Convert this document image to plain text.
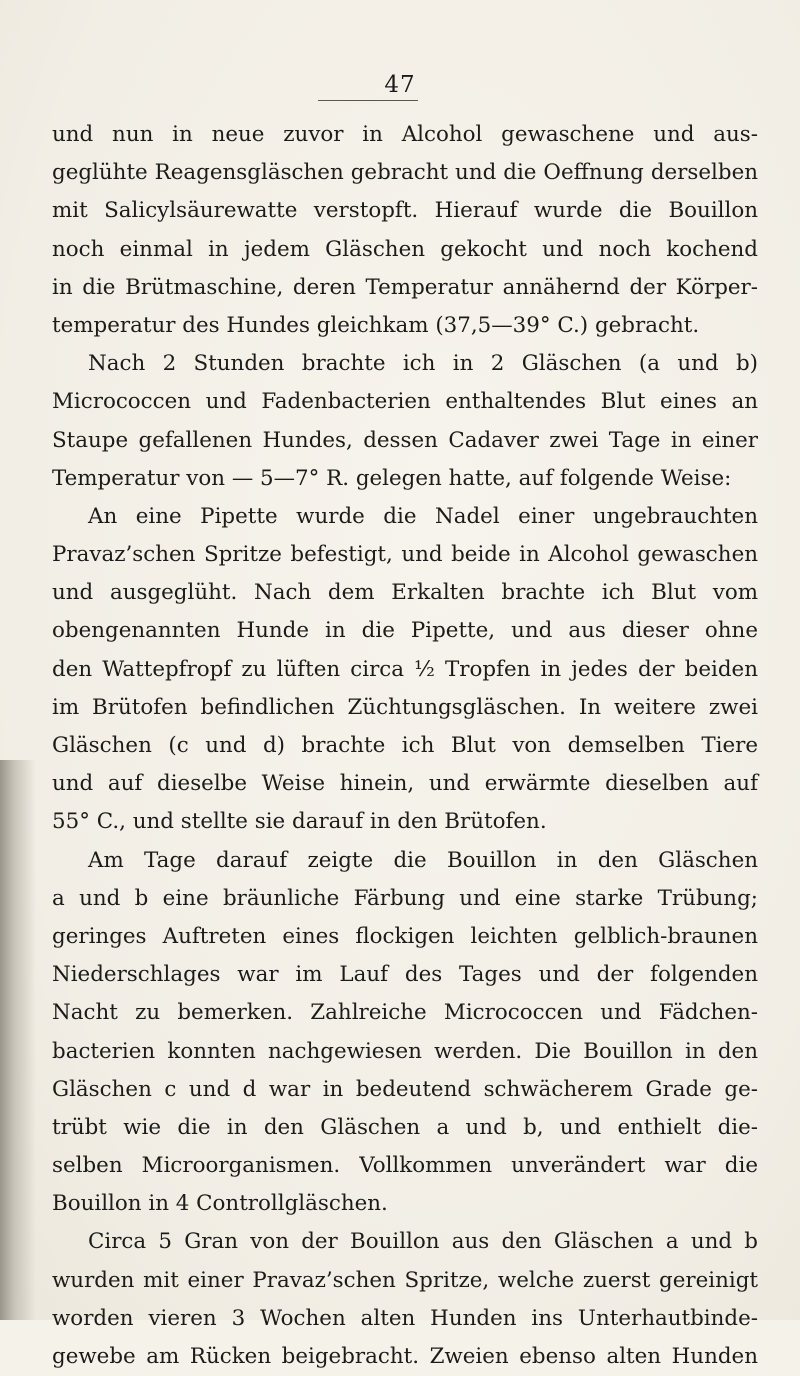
47
und nun in neue zuvor in Alcohol gewaschene und aus-
geglühte Reagensgläschen gebracht und die Oeffnung derselben
mit Salicylsäurewatte verstopft. Hierauf wurde die Bouillon
noch einmal in jedem Gläschen gekocht und noch kochend
in die Brütmaschine, deren Temperatur annähernd der Körper-
temperatur des Hundes gleichkam (37,5—39° C.) gebracht.
Nach 2 Stunden brachte ich in 2 Gläschen (a und b)
Micrococcen und Fadenbacterien enthaltendes Blut eines an
Staupe gefallenen Hundes, dessen Cadaver zwei Tage in einer
Temperatur von — 5—7° R. gelegen hatte, auf folgende Weise:
An eine Pipette wurde die Nadel einer ungebrauchten
Pravaz’schen Spritze befestigt, und beide in Alcohol gewaschen
und ausgeglüht. Nach dem Erkalten brachte ich Blut vom
obengenannten Hunde in die Pipette, und aus dieser ohne
den Wattepfropf zu lüften circa ½ Tropfen in jedes der beiden
im Brütofen befindlichen Züchtungsgläschen. In weitere zwei
Gläschen (c und d) brachte ich Blut von demselben Tiere
und auf dieselbe Weise hinein, und erwärmte dieselben auf
55° C., und stellte sie darauf in den Brütofen.
Am Tage darauf zeigte die Bouillon in den Gläschen
a und b eine bräunliche Färbung und eine starke Trübung;
geringes Auftreten eines flockigen leichten gelblich-braunen
Niederschlages war im Lauf des Tages und der folgenden
Nacht zu bemerken. Zahlreiche Micrococcen und Fädchen-
bacterien konnten nachgewiesen werden. Die Bouillon in den
Gläschen c und d war in bedeutend schwächerem Grade ge-
trübt wie die in den Gläschen a und b, und enthielt die-
selben Microorganismen. Vollkommen unverändert war die
Bouillon in 4 Controllgläschen.
Circa 5 Gran von der Bouillon aus den Gläschen a und b
wurden mit einer Pravaz’schen Spritze, welche zuerst gereinigt
worden vieren 3 Wochen alten Hunden ins Unterhautbinde-
gewebe am Rücken beigebracht. Zweien ebenso alten Hunden
